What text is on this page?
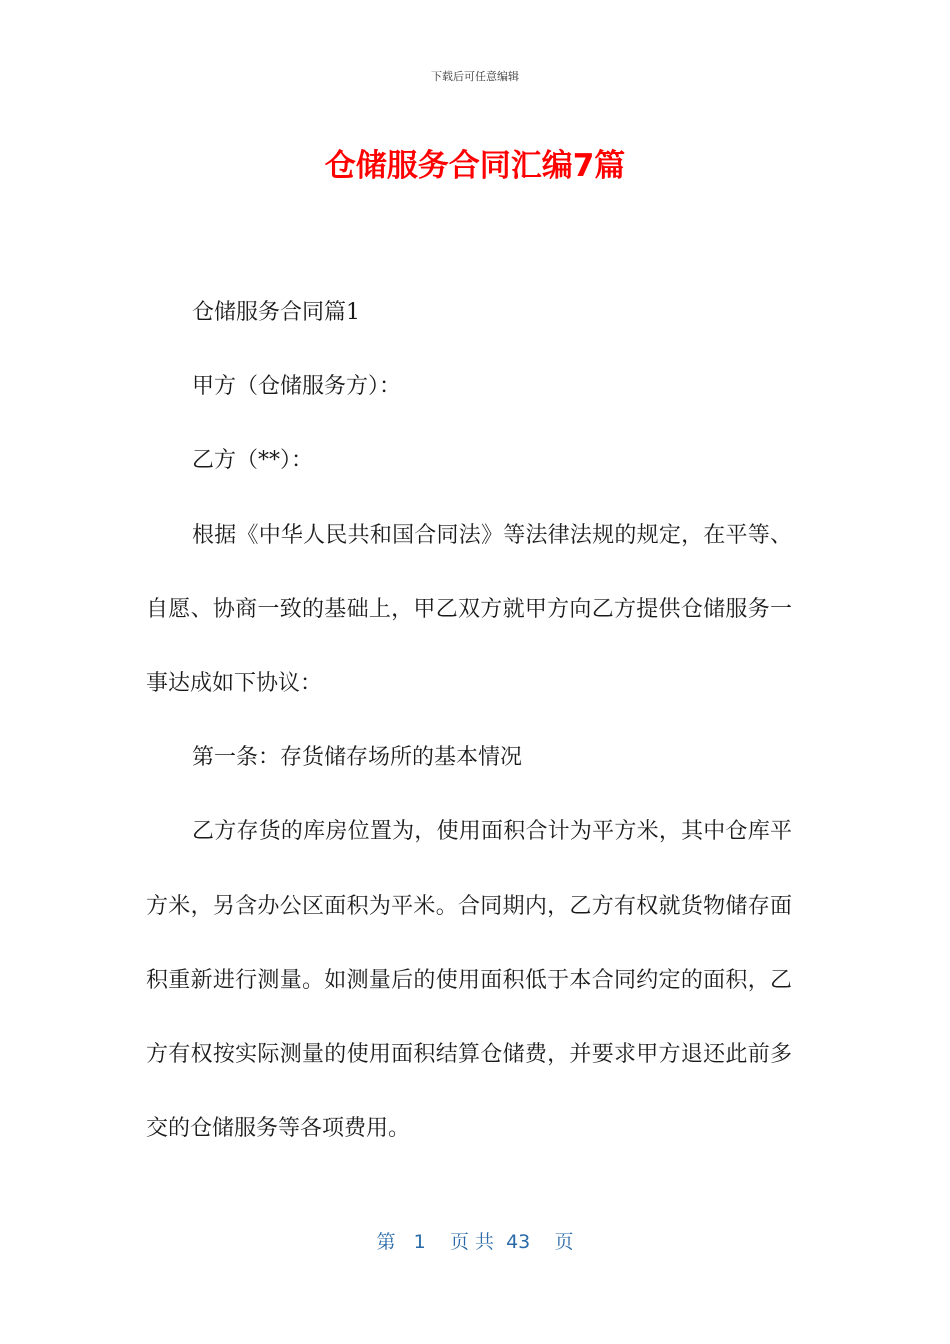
下载后可任意编辑
仓储服务合同汇编7篇

仓储服务合同篇1

甲方（仓储服务方）：

乙方（**）：

根据《中华人民共和国合同法》等法律法规的规定，在平等、自愿、协商一致的基础上，甲乙双方就甲方向乙方提供仓储服务一事达成如下协议：

第一条：存货储存场所的基本情况

乙方存货的库房位置为，使用面积合计为平方米，其中仓库平方米，另含办公区面积为平米。合同期内，乙方有权就货物储存面积重新进行测量。如测量后的使用面积低于本合同约定的面积，乙方有权按实际测量的使用面积结算仓储费，并要求甲方退还此前多交的仓储服务等各项费用。

第 1 页 共 43 页
